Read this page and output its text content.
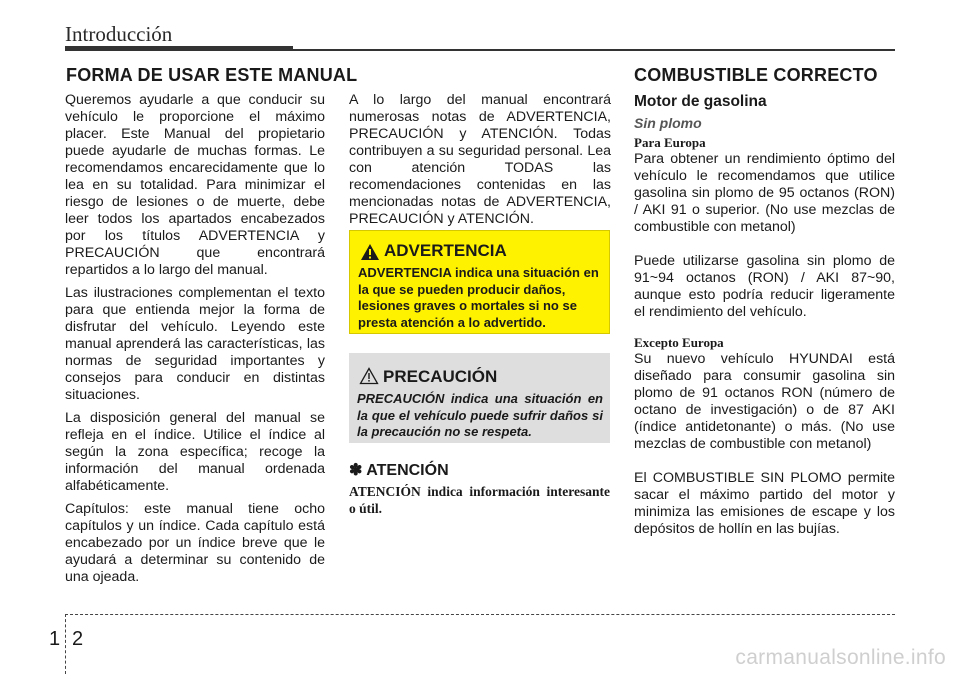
Introducción
FORMA DE USAR ESTE MANUAL

Queremos ayudarle a que conducir su vehículo le proporcione el máximo placer. Este Manual del propietario puede ayudarle de muchas formas. Le recomendamos encarecidamente que lo lea en su totalidad. Para minimizar el riesgo de lesiones o de muerte, debe leer todos los apartados encabezados por los títulos ADVERTENCIA y PRECAUCIÓN que encontrará repartidos a lo largo del manual.

Las ilustraciones complementan el texto para que entienda mejor la forma de disfrutar del vehículo. Leyendo este manual aprenderá las características, las normas de seguridad importantes y consejos para conducir en distintas situaciones.

La disposición general del manual se refleja en el índice. Utilice el índice al según la zona específica; recoge la información del manual ordenada alfabéticamente.

Capítulos: este manual tiene ocho capítulos y un índice. Cada capítulo está encabezado por un índice breve que le ayudará a determinar su contenido de una ojeada.

A lo largo del manual encontrará numerosas notas de ADVERTENCIA, PRECAUCIÓN y ATENCIÓN. Todas contribuyen a su seguridad personal. Lea con atención TODAS las recomendaciones contenidas en las mencionadas notas de ADVERTENCIA, PRECAUCIÓN y ATENCIÓN.

ADVERTENCIA
ADVERTENCIA indica una situación en la que se pueden producir daños, lesiones graves o mortales si no se presta atención a lo advertido.
PRECAUCIÓN
PRECAUCIÓN indica una situación en la que el vehículo puede sufrir daños si la precaución no se respeta.
✽ ATENCIÓN
ATENCIÓN indica información interesante o útil.
COMBUSTIBLE CORRECTO
Motor de gasolina
Sin plomo
Para Europa

Para obtener un rendimiento óptimo del vehículo le recomendamos que utilice gasolina sin plomo de 95 octanos (RON) / AKI 91 o superior. (No use mezclas de combustible con metanol)

Puede utilizarse gasolina sin plomo de 91~94 octanos (RON) / AKI 87~90, aunque esto podría reducir ligeramente el rendimiento del vehículo.

Excepto Europa

Su nuevo vehículo HYUNDAI está diseñado para consumir gasolina sin plomo de 91 octanos RON (número de octano de investigación) o de 87 AKI (índice antidetonante) o más. (No use mezclas de combustible con metanol)

El COMBUSTIBLE SIN PLOMO permite sacar el máximo partido del motor y minimiza las emisiones de escape y los depósitos de hollín en las bujías.

1 2
carmanualsonline.info
